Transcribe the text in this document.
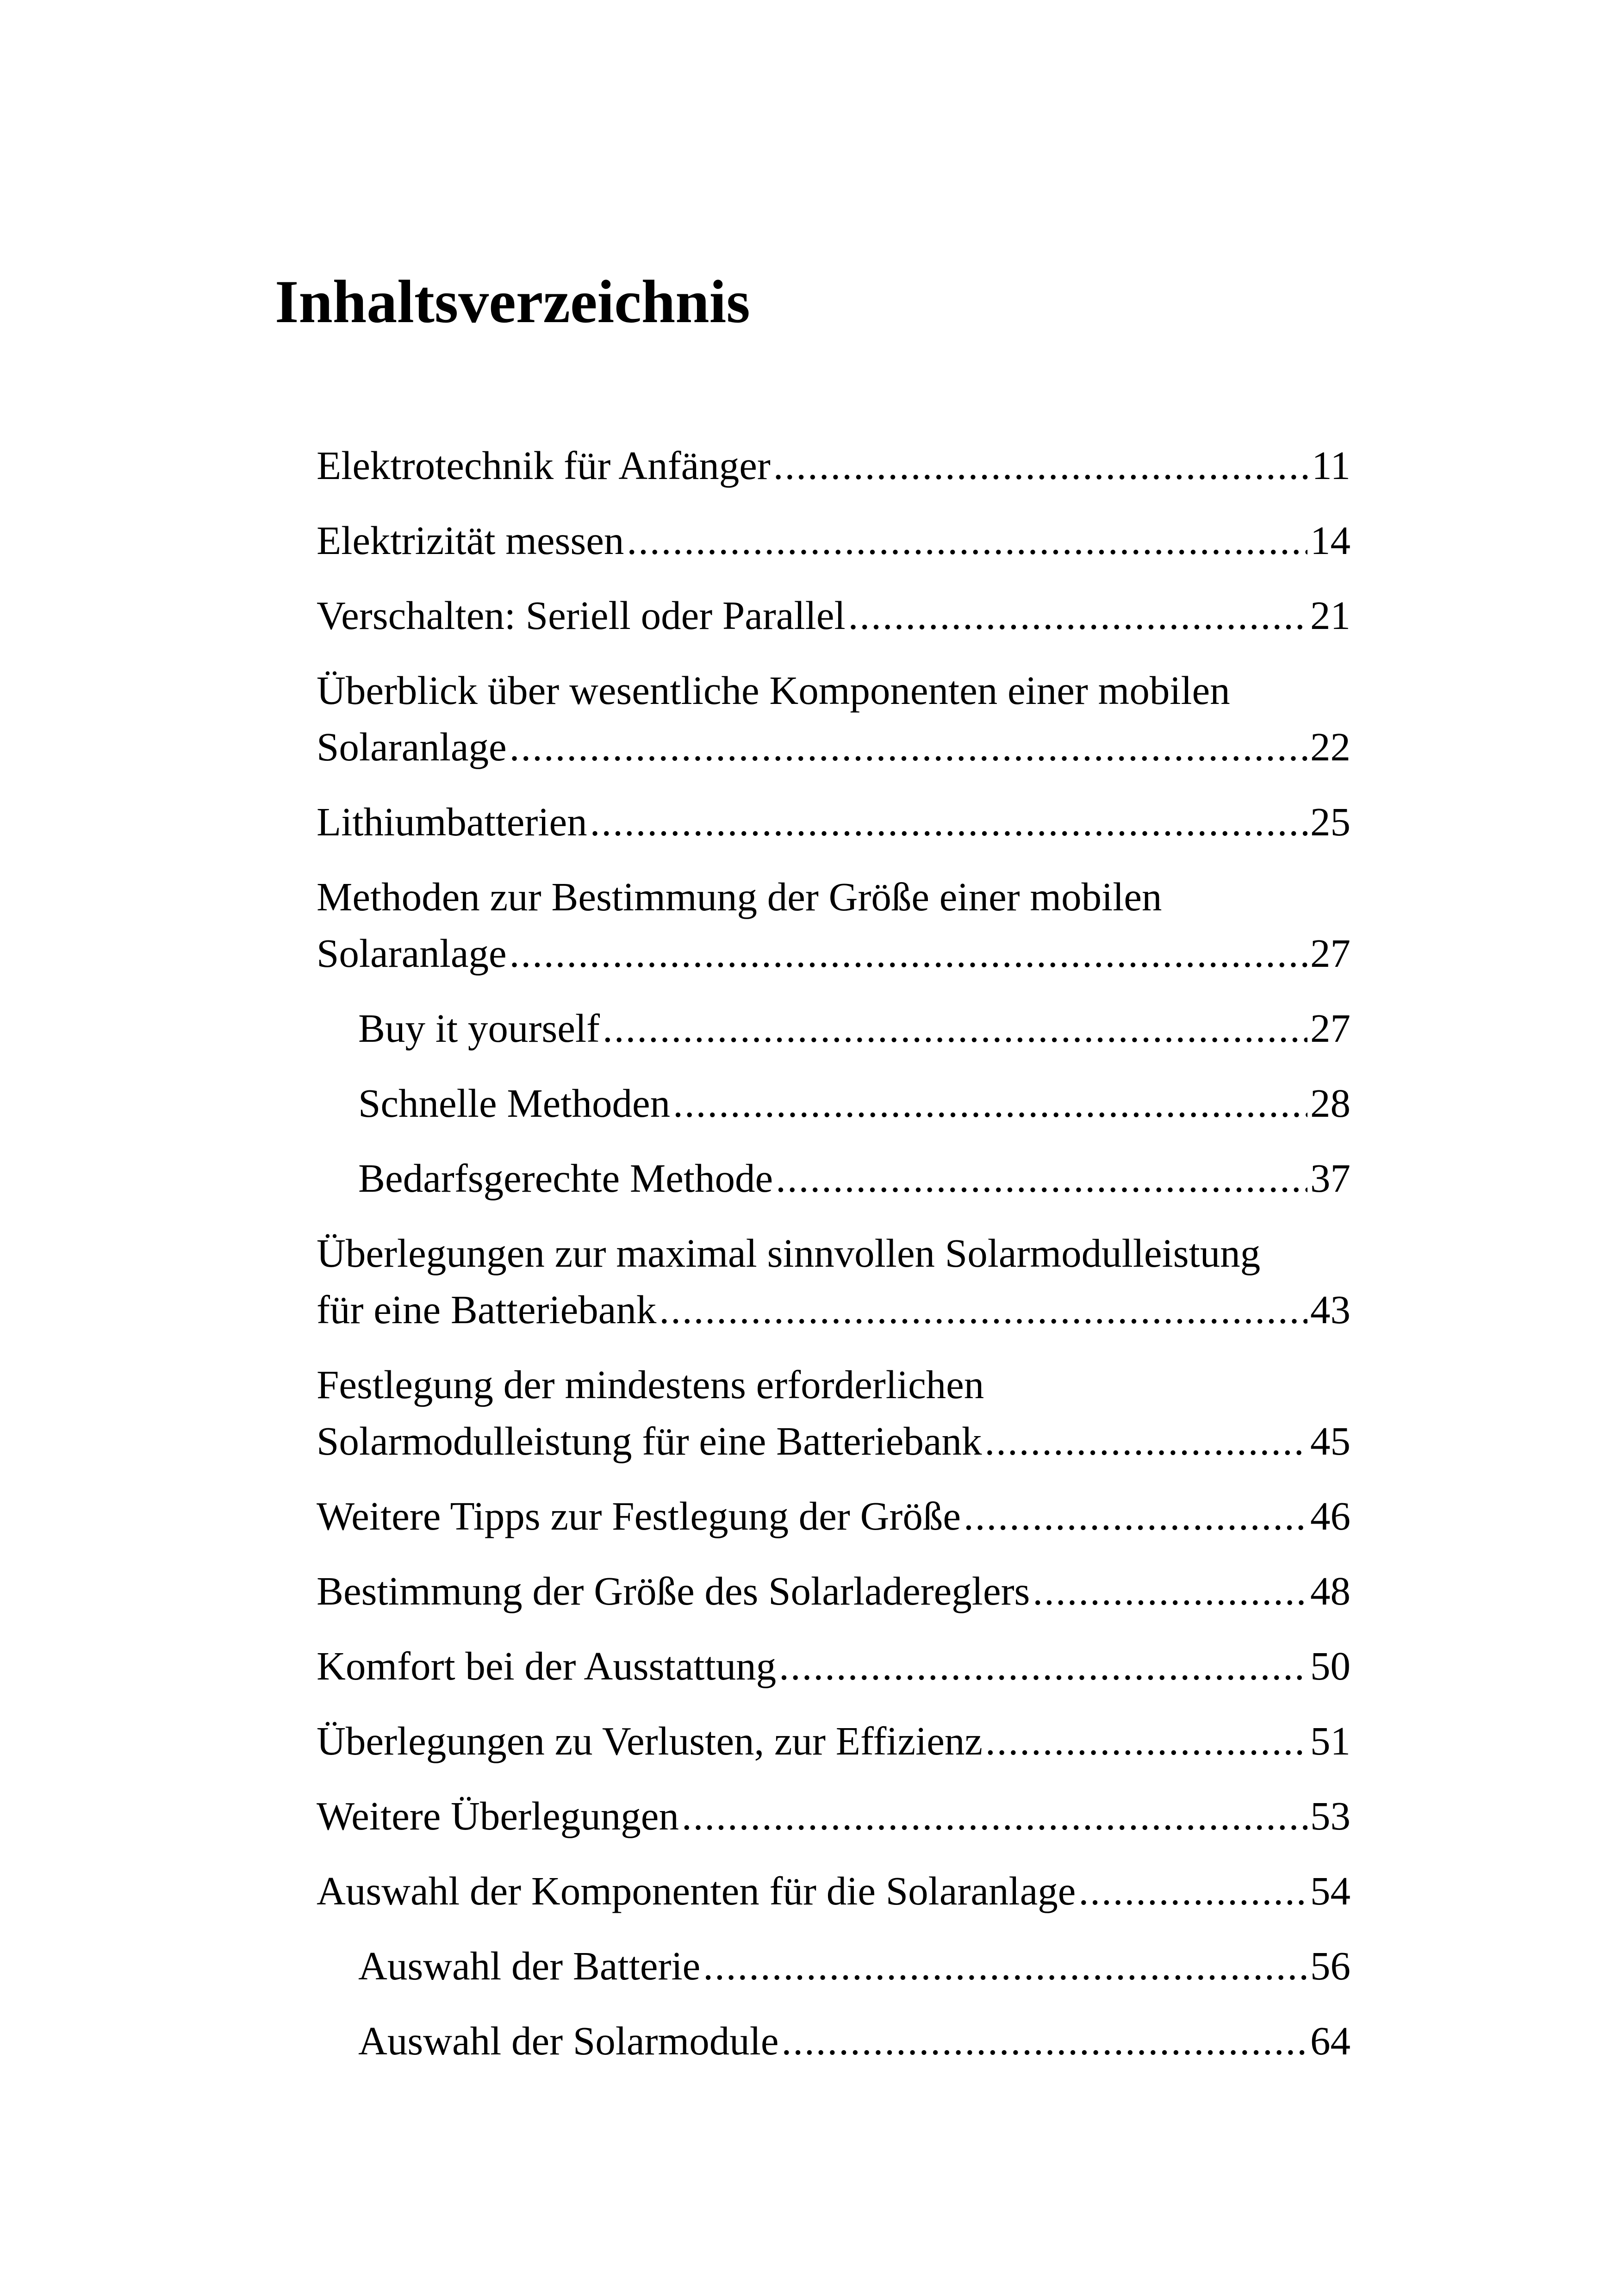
Inhaltsverzeichnis
Elektrotechnik für Anfänger .....	11
Elektrizität messen .....	14
Verschalten: Seriell oder Parallel .....	21
Überblick über wesentliche Komponenten einer mobilen
Solaranlage .....	22
Lithiumbatterien .....	25
Methoden zur Bestimmung der Größe einer mobilen
Solaranlage .....	27
Buy it yourself .....	27
Schnelle Methoden .....	28
Bedarfsgerechte Methode .....	37
Überlegungen zur maximal sinnvollen Solarmodulleistung
für eine Batteriebank .....	43
Festlegung der mindestens erforderlichen
Solarmodulleistung für eine Batteriebank .....	45
Weitere Tipps zur Festlegung der Größe .....	46
Bestimmung der Größe des Solarladereglers .....	48
Komfort bei der Ausstattung .....	50
Überlegungen zu Verlusten, zur Effizienz .....	51
Weitere Überlegungen .....	53
Auswahl der Komponenten für die Solaranlage .....	54
Auswahl der Batterie .....	56
Auswahl der Solarmodule .....	64
